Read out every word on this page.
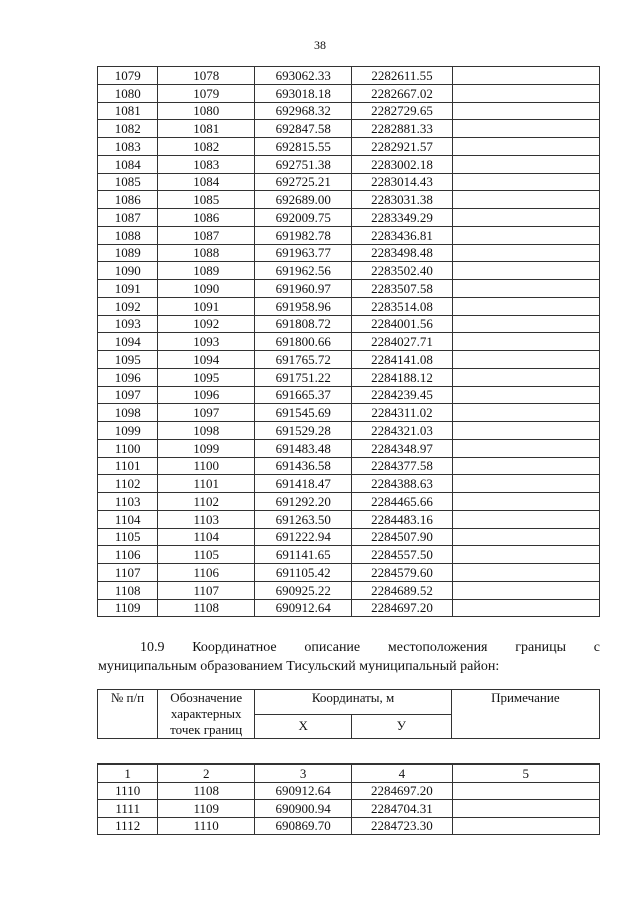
38
1079	1078	693062.33	2282611.55	
1080	1079	693018.18	2282667.02	
1081	1080	692968.32	2282729.65	
1082	1081	692847.58	2282881.33	
1083	1082	692815.55	2282921.57	
1084	1083	692751.38	2283002.18	
1085	1084	692725.21	2283014.43	
1086	1085	692689.00	2283031.38	
1087	1086	692009.75	2283349.29	
1088	1087	691982.78	2283436.81	
1089	1088	691963.77	2283498.48	
1090	1089	691962.56	2283502.40	
1091	1090	691960.97	2283507.58	
1092	1091	691958.96	2283514.08	
1093	1092	691808.72	2284001.56	
1094	1093	691800.66	2284027.71	
1095	1094	691765.72	2284141.08	
1096	1095	691751.22	2284188.12	
1097	1096	691665.37	2284239.45	
1098	1097	691545.69	2284311.02	
1099	1098	691529.28	2284321.03	
1100	1099	691483.48	2284348.97	
1101	1100	691436.58	2284377.58	
1102	1101	691418.47	2284388.63	
1103	1102	691292.20	2284465.66	
1104	1103	691263.50	2284483.16	
1105	1104	691222.94	2284507.90	
1106	1105	691141.65	2284557.50	
1107	1106	691105.42	2284579.60	
1108	1107	690925.22	2284689.52	
1109	1108	690912.64	2284697.20	
10.9 Координатное описание местоположения границы с
муниципальным образованием Тисульский муниципальный район:
№ п/п	Обозначение характерных точек границ	Координаты, м		Примечание
		X	У	
1	2	3	4	5
1110	1108	690912.64	2284697.20	
1111	1109	690900.94	2284704.31	
1112	1110	690869.70	2284723.30	
